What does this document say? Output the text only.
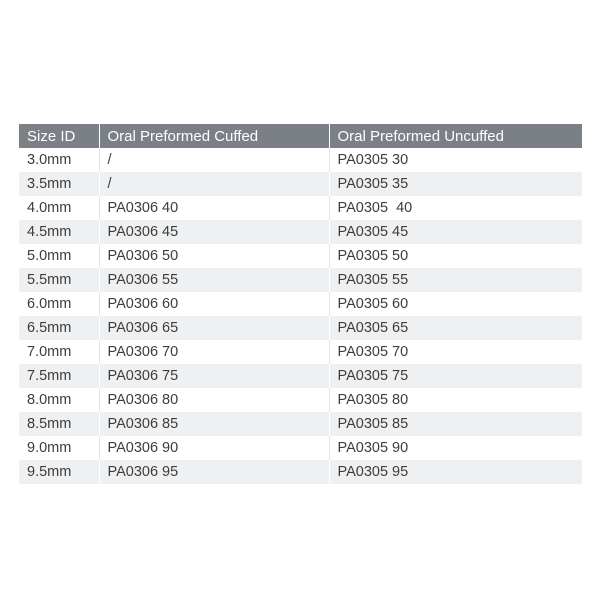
Size ID	Oral Preformed Cuffed	Oral Preformed Uncuffed
3.0mm	/	PA0305 30
3.5mm	/	PA0305 35
4.0mm	PA0306 40	PA0305  40
4.5mm	PA0306 45	PA0305 45
5.0mm	PA0306 50	PA0305 50
5.5mm	PA0306 55	PA0305 55
6.0mm	PA0306 60	PA0305 60
6.5mm	PA0306 65	PA0305 65
7.0mm	PA0306 70	PA0305 70
7.5mm	PA0306 75	PA0305 75
8.0mm	PA0306 80	PA0305 80
8.5mm	PA0306 85	PA0305 85
9.0mm	PA0306 90	PA0305 90
9.5mm	PA0306 95	PA0305 95
